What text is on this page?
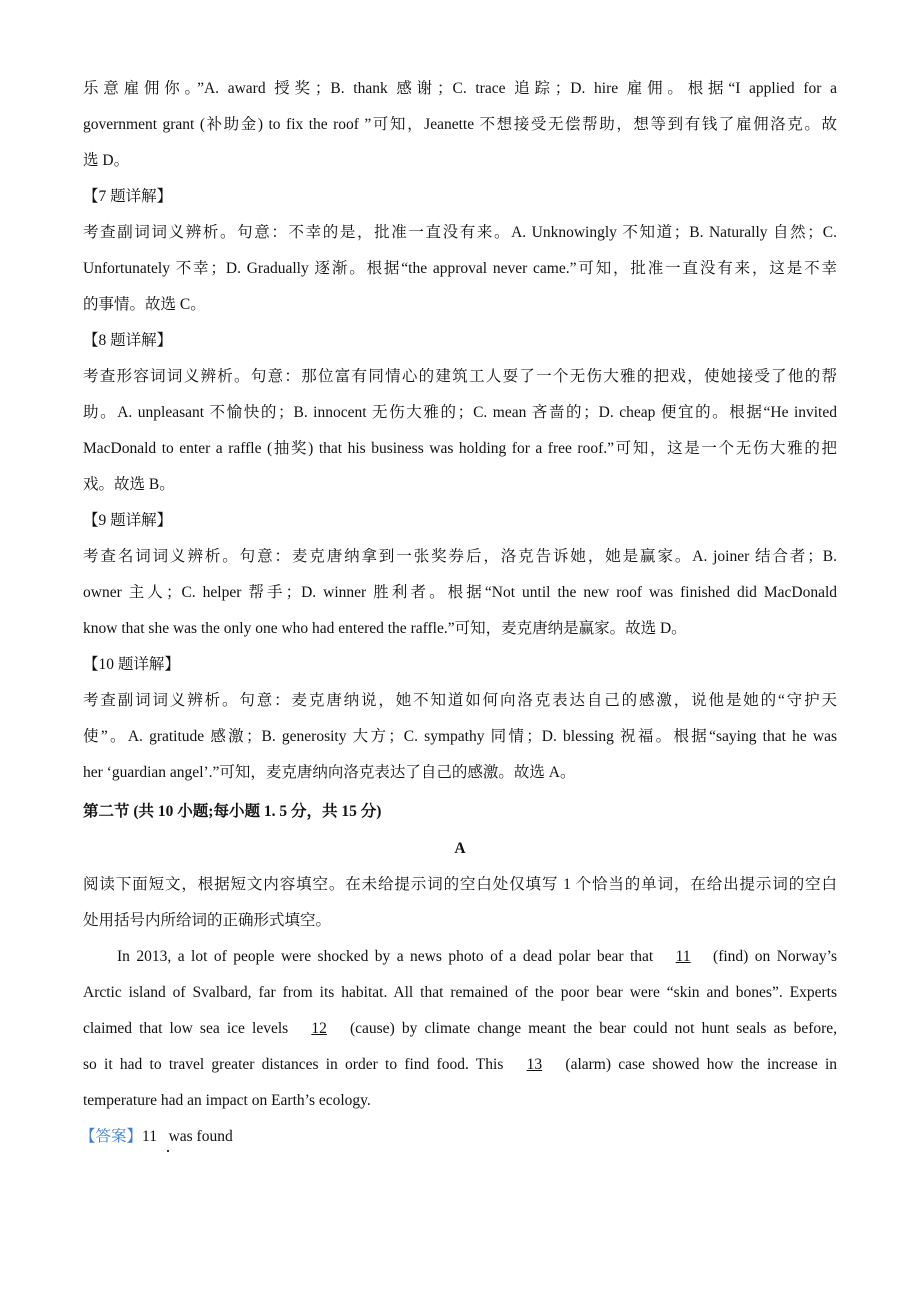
乐意雇佣你。”A. award 授奖；B. thank 感谢；C. trace 追踪；D. hire 雇佣。根据“I applied for a
government grant (补助金) to fix the roof ”可知，Jeanette 不想接受无偿帮助，想等到有钱了雇佣洛克。故
选 D。
【7 题详解】
考查副词词义辨析。句意：不幸的是，批准一直没有来。A. Unknowingly 不知道；B. Naturally 自然；C.
Unfortunately 不幸；D. Gradually 逐渐。根据“the approval never came.”可知，批准一直没有来，这是不幸
的事情。故选 C。
【8 题详解】
考查形容词词义辨析。句意：那位富有同情心的建筑工人耍了一个无伤大雅的把戏，使她接受了他的帮
助。A. unpleasant 不愉快的；B. innocent 无伤大雅的；C. mean 吝啬的；D. cheap 便宜的。根据“He invited
MacDonald to enter a raffle (抽奖) that his business was holding for a free roof.”可知，这是一个无伤大雅的把
戏。故选 B。
【9 题详解】
考查名词词义辨析。句意：麦克唐纳拿到一张奖券后，洛克告诉她，她是赢家。A. joiner 结合者；B.
owner 主人；C. helper 帮手；D. winner 胜利者。根据“Not until the new roof was finished did MacDonald
know that she was the only one who had entered the raffle.”可知，麦克唐纳是赢家。故选 D。
【10 题详解】
考查副词词义辨析。句意：麦克唐纳说，她不知道如何向洛克表达自己的感激，说他是她的“守护天
使”。A. gratitude 感激；B. generosity 大方；C. sympathy 同情；D. blessing 祝福。根据“saying that he was
her ‘guardian angel’.”可知，麦克唐纳向洛克表达了自己的感激。故选 A。
第二节 (共 10 小题;每小题 1. 5 分，共 15 分)
A
阅读下面短文，根据短文内容填空。在未给提示词的空白处仅填写 1 个恰当的单词，在给出提示词的空白
处用括号内所给词的正确形式填空。
In 2013, a lot of people were shocked by a news photo of a dead polar bear that 11 (find) on Norway’s
Arctic island of Svalbard, far from its habitat. All that remained of the poor bear were “skin and bones”. Experts
claimed that low sea ice levels 12 (cause) by climate change meant the bear could not hunt seals as before,
so it had to travel greater distances in order to find food. This 13 (alarm) case showed how the increase in
temperature had an impact on Earth’s ecology.
【答案】11 was found
